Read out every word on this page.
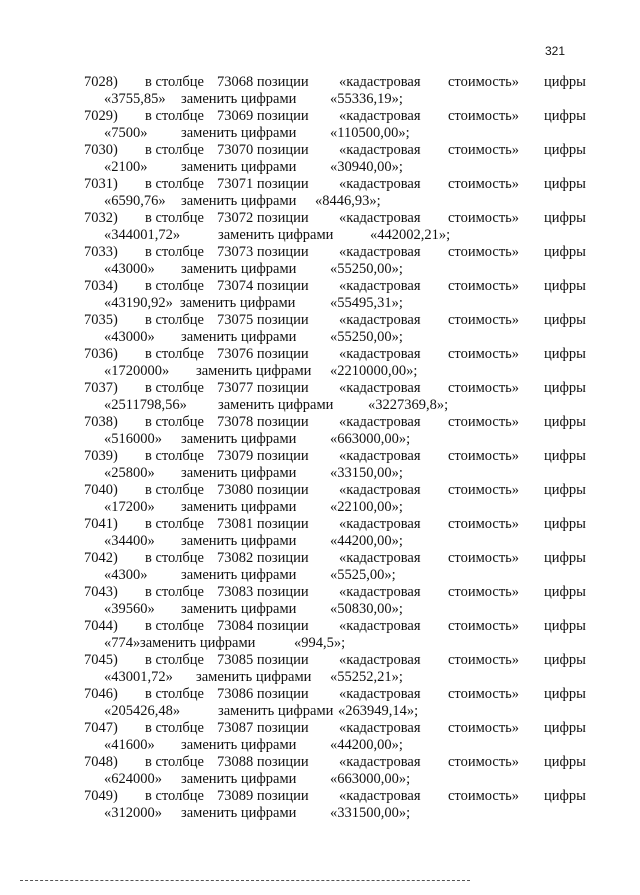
321
7028) в столбце 73068 позиции «кадастровая стоимость» цифры
«3755,85» заменить цифрами «55336,19»;
7029) в столбце 73069 позиции «кадастровая стоимость» цифры
«7500» заменить цифрами «110500,00»;
7030) в столбце 73070 позиции «кадастровая стоимость» цифры
«2100» заменить цифрами «30940,00»;
7031) в столбце 73071 позиции «кадастровая стоимость» цифры
«6590,76» заменить цифрами «8446,93»;
7032) в столбце 73072 позиции «кадастровая стоимость» цифры
«344001,72»	заменить цифрами	«442002,21»;
7033) в столбце 73073 позиции «кадастровая стоимость» цифры
«43000» заменить цифрами «55250,00»;
7034) в столбце 73074 позиции «кадастровая стоимость» цифры
«43190,92» заменить цифрами «55495,31»;
7035) в столбце 73075 позиции «кадастровая стоимость» цифры
«43000» заменить цифрами «55250,00»;
7036) в столбце 73076 позиции «кадастровая стоимость» цифры
«1720000» заменить цифрами «2210000,00»;
7037) в столбце 73077 позиции «кадастровая стоимость» цифры
«2511798,56» заменить цифрами «3227369,8»;
7038) в столбце 73078 позиции «кадастровая стоимость» цифры
«516000» заменить цифрами «663000,00»;
7039) в столбце 73079 позиции «кадастровая стоимость» цифры
«25800» заменить цифрами «33150,00»;
7040) в столбце 73080 позиции «кадастровая стоимость» цифры
«17200» заменить цифрами «22100,00»;
7041) в столбце 73081 позиции «кадастровая стоимость» цифры
«34400» заменить цифрами «44200,00»;
7042) в столбце 73082 позиции «кадастровая стоимость» цифры
«4300» заменить цифрами «5525,00»;
7043) в столбце 73083 позиции «кадастровая стоимость» цифры
«39560» заменить цифрами «50830,00»;
7044) в столбце 73084 позиции «кадастровая стоимость» цифры
«774» заменить цифрами	«994,5»;
7045) в столбце 73085 позиции «кадастровая стоимость» цифры
«43001,72» заменить цифрами «55252,21»;
7046) в столбце 73086 позиции «кадастровая стоимость» цифры
«205426,48»	заменить цифрами «263949,14»;
7047) в столбце 73087 позиции «кадастровая стоимость» цифры
«41600» заменить цифрами «44200,00»;
7048) в столбце 73088 позиции «кадастровая стоимость» цифры
«624000» заменить цифрами «663000,00»;
7049) в столбце 73089 позиции «кадастровая стоимость» цифры
«312000» заменить цифрами «331500,00»;
